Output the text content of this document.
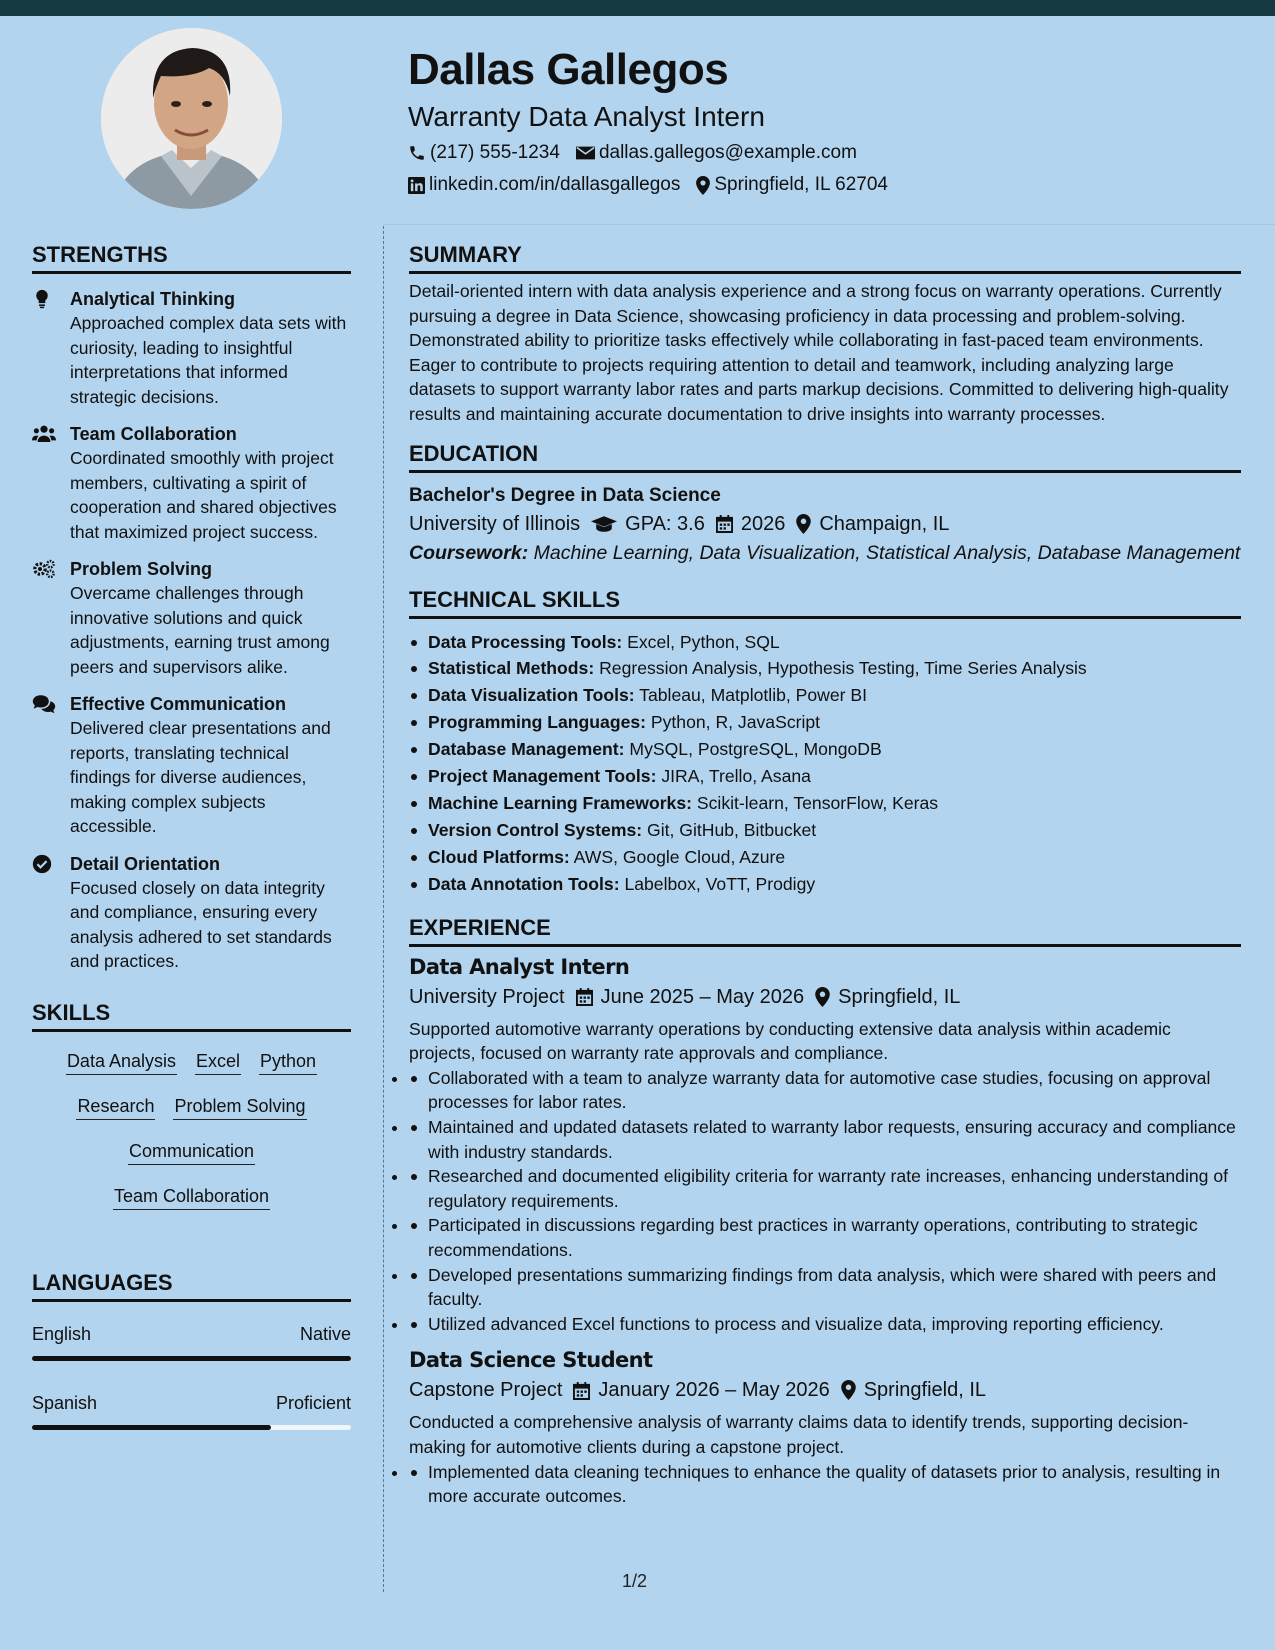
Dallas Gallegos
Warranty Data Analyst Intern
(217) 555-1234 dallas.gallegos@example.com
linkedin.com/in/dallasgallegos Springfield, IL 62704
STRENGTHS
Analytical Thinking
Approached complex data sets with curiosity, leading to insightful interpretations that informed strategic decisions.
Team Collaboration
Coordinated smoothly with project members, cultivating a spirit of cooperation and shared objectives that maximized project success.
Problem Solving
Overcame challenges through innovative solutions and quick adjustments, earning trust among peers and supervisors alike.
Effective Communication
Delivered clear presentations and reports, translating technical findings for diverse audiences, making complex subjects accessible.
Detail Orientation
Focused closely on data integrity and compliance, ensuring every analysis adhered to set standards and practices.
SKILLS
Data Analysis Excel Python
Research Problem Solving
Communication
Team Collaboration
LANGUAGES
English	Native
Spanish	Proficient
SUMMARY
Detail-oriented intern with data analysis experience and a strong focus on warranty operations. Currently pursuing a degree in Data Science, showcasing proficiency in data processing and problem-solving. Demonstrated ability to prioritize tasks effectively while collaborating in fast-paced team environments. Eager to contribute to projects requiring attention to detail and teamwork, including analyzing large datasets to support warranty labor rates and parts markup decisions. Committed to delivering high-quality results and maintaining accurate documentation to drive insights into warranty processes.
EDUCATION
Bachelor's Degree in Data Science
University of Illinois GPA: 3.6 2026 Champaign, IL
Coursework: Machine Learning, Data Visualization, Statistical Analysis, Database Management
TECHNICAL SKILLS
Data Processing Tools: Excel, Python, SQL
Statistical Methods: Regression Analysis, Hypothesis Testing, Time Series Analysis
Data Visualization Tools: Tableau, Matplotlib, Power BI
Programming Languages: Python, R, JavaScript
Database Management: MySQL, PostgreSQL, MongoDB
Project Management Tools: JIRA, Trello, Asana
Machine Learning Frameworks: Scikit-learn, TensorFlow, Keras
Version Control Systems: Git, GitHub, Bitbucket
Cloud Platforms: AWS, Google Cloud, Azure
Data Annotation Tools: Labelbox, VoTT, Prodigy
EXPERIENCE
Data Analyst Intern
University Project June 2025 – May 2026 Springfield, IL
Supported automotive warranty operations by conducting extensive data analysis within academic projects, focused on warranty rate approvals and compliance.
• Collaborated with a team to analyze warranty data for automotive case studies, focusing on approval processes for labor rates.
• Maintained and updated datasets related to warranty labor requests, ensuring accuracy and compliance with industry standards.
• Researched and documented eligibility criteria for warranty rate increases, enhancing understanding of regulatory requirements.
• Participated in discussions regarding best practices in warranty operations, contributing to strategic recommendations.
• Developed presentations summarizing findings from data analysis, which were shared with peers and faculty.
• Utilized advanced Excel functions to process and visualize data, improving reporting efficiency.
Data Science Student
Capstone Project January 2026 – May 2026 Springfield, IL
Conducted a comprehensive analysis of warranty claims data to identify trends, supporting decision-making for automotive clients during a capstone project.
• Implemented data cleaning techniques to enhance the quality of datasets prior to analysis, resulting in more accurate outcomes.
1/2
